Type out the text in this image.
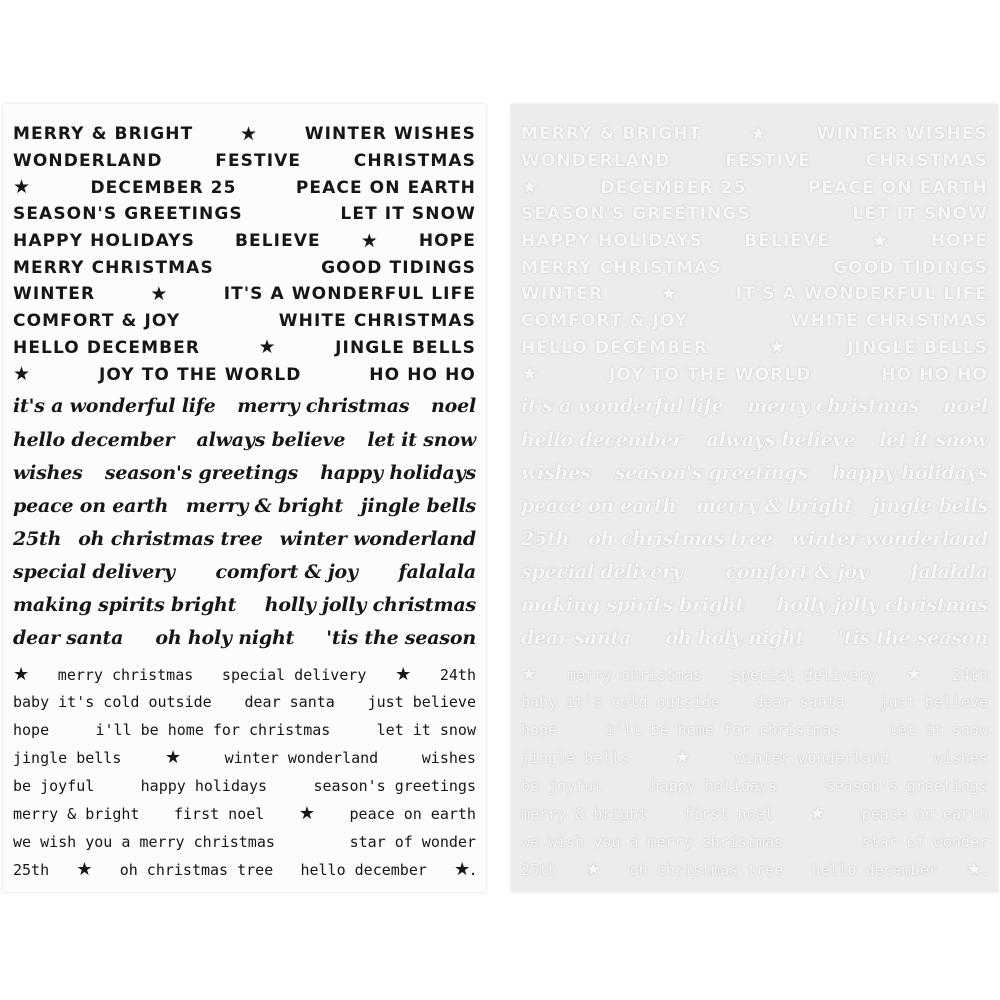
MERRY & BRIGHT ★	WINTER WISHES
WONDERLAND	FESTIVE	CHRISTMAS
★	DECEMBER 25	PEACE ON EARTH
SEASON'S GREETINGS	LET IT SNOW
HAPPY HOLIDAYS BELIEVE ★ HOPE
MERRY CHRISTMAS	GOOD TIDINGS
WINTER	★	IT'S A WONDERFUL LIFE
COMFORT & JOY	WHITE CHRISTMAS
HELLO DECEMBER	★	JINGLE BELLS
★	JOY TO THE WORLD	HO HO HO
it's a wonderful life merry christmas noel
hello december always believe let it snow
wishes season's greetings happy holidays
peace on earth merry & bright jingle bells
25th oh christmas tree winter wonderland
special delivery comfort & joy falalala
making spirits bright holly jolly christmas
dear santa oh holy night 'tis the season
★ merry christmas special delivery ★ 24th
baby it's cold outside dear santa just believe
hope	i'll be home for christmas	let it snow
jingle bells ★	winter wonderland	wishes
be joyful	happy holidays	season's greetings
merry & bright first noel ★ peace on earth
we wish you a merry christmas	star of wonder
25th ★ oh christmas tree hello december ★.
MERRY & BRIGHT	★	WINTER WISHES
WONDERLAND	FESTIVE	CHRISTMAS
★	DECEMBER 25	PEACE ON EARTH
SEASON'S GREETINGS	LET IT SNOW
HAPPY HOLIDAYS BELIEVE ★ HOPE
MERRY CHRISTMAS	GOOD TIDINGS
WINTER	★	IT'S A WONDERFUL LIFE
COMFORT & JOY	WHITE CHRISTMAS
HELLO DECEMBER	★	JINGLE BELLS
★	JOY TO THE WORLD	HO HO HO
it's a wonderful life merry christmas noel
hello december always believe let it snow
wishes season's greetings happy holidays
peace on earth merry & bright jingle bells
25th oh christmas tree winter wonderland
special delivery comfort & joy falalala
making spirits bright holly jolly christmas
dear santa oh holy night 'tis the season
★ merry christmas special delivery ★ 24th
baby it's cold outside dear santa just believe
hope	i'll be home for christmas	let it snow
jingle bells ★	winter wonderland	wishes
be joyful	happy holidays	season's greetings
merry & bright first noel ★ peace on earth
we wish you a merry christmas	star of wonder
25th ★ oh christmas tree hello december ★.
